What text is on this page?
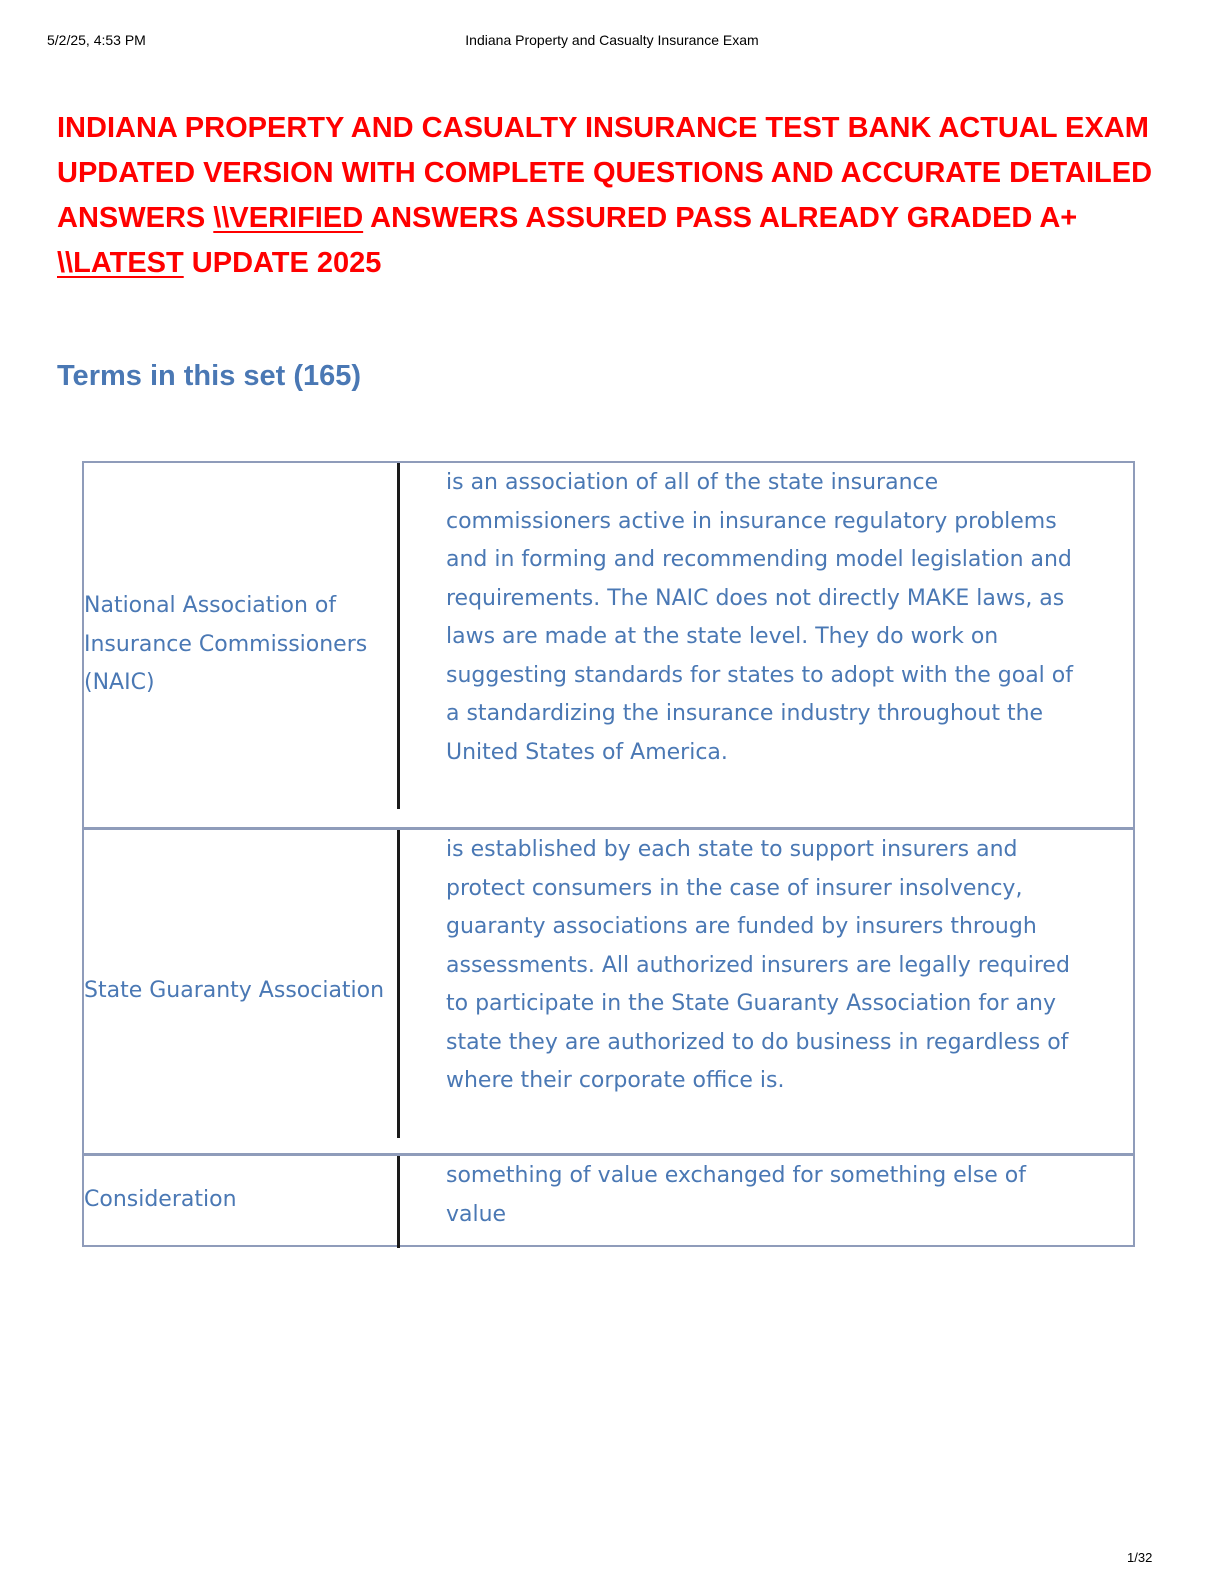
5/2/25, 4:53 PM	Indiana Property and Casualty Insurance Exam
INDIANA PROPERTY AND CASUALTY INSURANCE TEST BANK ACTUAL EXAM UPDATED VERSION WITH COMPLETE QUESTIONS AND ACCURATE DETAILED ANSWERS \\VERIFIED ANSWERS ASSURED PASS ALREADY GRADED A+ \\LATEST UPDATE 2025
Terms in this set (165)
National Association of Insurance Commissioners (NAIC)
is an association of all of the state insurance commissioners active in insurance regulatory problems and in forming and recommending model legislation and requirements. The NAIC does not directly MAKE laws, as laws are made at the state level. They do work on suggesting standards for states to adopt with the goal of a standardizing the insurance industry throughout the United States of America.
State Guaranty Association
is established by each state to support insurers and protect consumers in the case of insurer insolvency, guaranty associations are funded by insurers through assessments. All authorized insurers are legally required to participate in the State Guaranty Association for any state they are authorized to do business in regardless of where their corporate office is.
Consideration
something of value exchanged for something else of value
1/32
